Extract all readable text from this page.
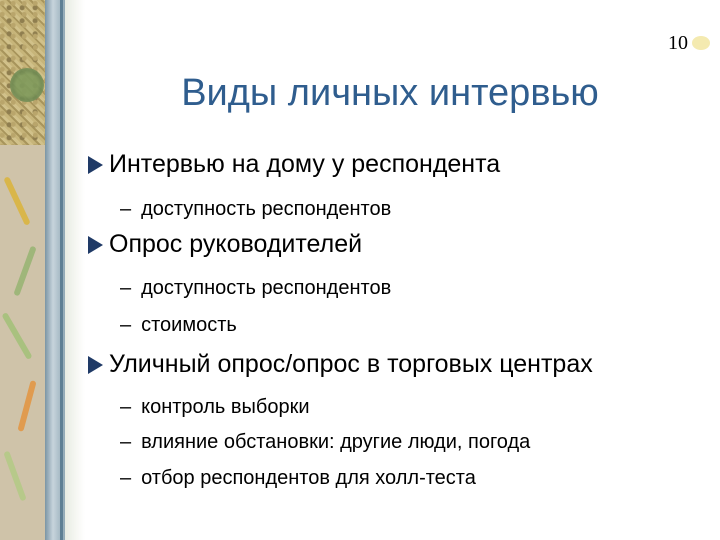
10
Виды личных интервью
Интервью на дому у респондента
– доступность респондентов
Опрос руководителей
– доступность респондентов
– стоимость
Уличный опрос/опрос в торговых центрах
– контроль выборки
– влияние обстановки: другие люди, погода
– отбор респондентов для холл-теста
